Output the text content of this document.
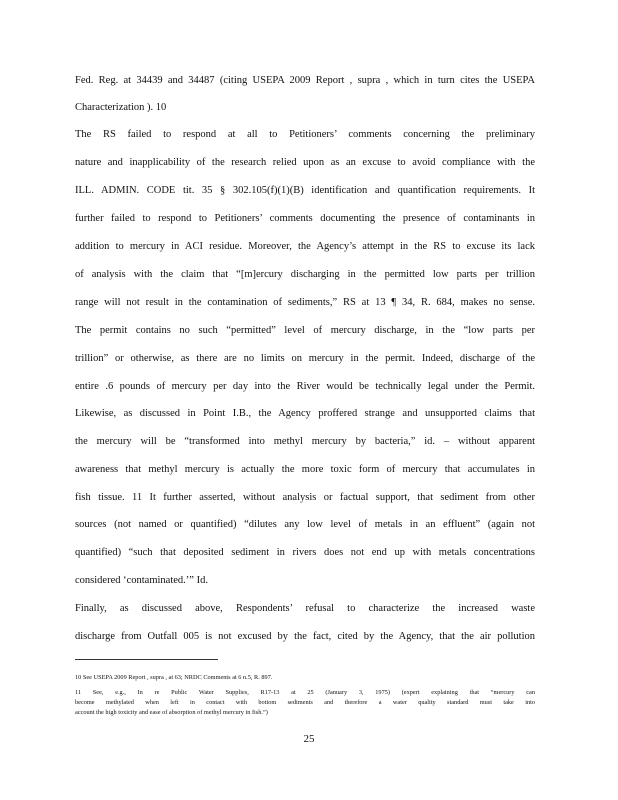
Fed. Reg. at 34439 and 34487 (citing USEPA 2009 Report , supra , which in turn cites the USEPA
Characterization ). 10
The RS failed to respond at all to Petitioners’ comments concerning the preliminary
nature and inapplicability of the research relied upon as an excuse to avoid compliance with the
ILL. ADMIN. CODE tit. 35 § 302.105(f)(1)(B) identification and quantification requirements. It
further failed to respond to Petitioners’ comments documenting the presence of contaminants in
addition to mercury in ACI residue. Moreover, the Agency’s attempt in the RS to excuse its lack
of analysis with the claim that “[m]ercury discharging in the permitted low parts per trillion
range will not result in the contamination of sediments,” RS at 13 ¶ 34, R. 684, makes no sense.
The permit contains no such “permitted” level of mercury discharge, in the “low parts per
trillion” or otherwise, as there are no limits on mercury in the permit. Indeed, discharge of the
entire .6 pounds of mercury per day into the River would be technically legal under the Permit.
Likewise, as discussed in Point I.B., the Agency proffered strange and unsupported claims that
the mercury will be “transformed into methyl mercury by bacteria,” id. – without apparent
awareness that methyl mercury is actually the more toxic form of mercury that accumulates in
fish tissue. 11 It further asserted, without analysis or factual support, that sediment from other
sources (not named or quantified) “dilutes any low level of metals in an effluent” (again not
quantified) “such that deposited sediment in rivers does not end up with metals concentrations
considered ‘contaminated.’” Id.
Finally, as discussed above, Respondents’ refusal to characterize the increased waste
discharge from Outfall 005 is not excused by the fact, cited by the Agency, that the air pollution
10 See USEPA 2009 Report , supra , at 63; NRDC Comments at 6 n.5, R. 897.
11 See, e.g., In re Public Water Supplies, R17-13 at 25 (January 3, 1975) (expert explaining that “mercury can
become methylated when left in contact with bottom sediments and therefore a water quality standard must take into
account the high toxicity and ease of absorption of methyl mercury in fish.”)
25
